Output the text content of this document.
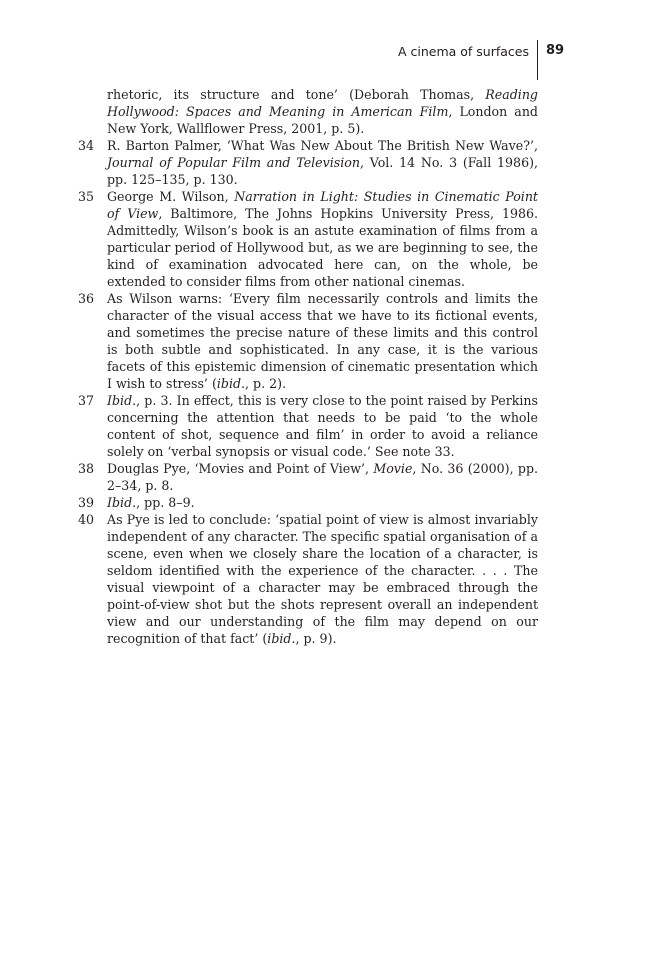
A cinema of surfaces 89
rhetoric, its structure and tone’ (Deborah Thomas, Reading Hollywood: Spaces and Meaning in American Film, London and New York, Wallflower Press, 2001, p. 5).
34 R. Barton Palmer, ‘What Was New About The British New Wave?’, Journal of Popular Film and Television, Vol. 14 No. 3 (Fall 1986), pp. 125–135, p. 130.
35 George M. Wilson, Narration in Light: Studies in Cinematic Point of View, Baltimore, The Johns Hopkins University Press, 1986. Admittedly, Wilson’s book is an astute examination of films from a particular period of Hollywood but, as we are beginning to see, the kind of examination advocated here can, on the whole, be extended to consider films from other national cinemas.
36 As Wilson warns: ‘Every film necessarily controls and limits the character of the visual access that we have to its fictional events, and sometimes the precise nature of these limits and this control is both subtle and sophisticated. In any case, it is the various facets of this epistemic dimension of cinematic presentation which I wish to stress’ (ibid., p. 2).
37 Ibid., p. 3. In effect, this is very close to the point raised by Perkins concerning the attention that needs to be paid ‘to the whole content of shot, sequence and film’ in order to avoid a reliance solely on ‘verbal synopsis or visual code.’ See note 33.
38 Douglas Pye, ‘Movies and Point of View’, Movie, No. 36 (2000), pp. 2–34, p. 8.
39 Ibid., pp. 8–9.
40 As Pye is led to conclude: ‘spatial point of view is almost invariably independent of any character. The specific spatial organisation of a scene, even when we closely share the location of a character, is seldom identified with the experience of the character. . . . The visual viewpoint of a character may be embraced through the point-of-view shot but the shots represent overall an independent view and our understanding of the film may depend on our recognition of that fact’ (ibid., p. 9).
